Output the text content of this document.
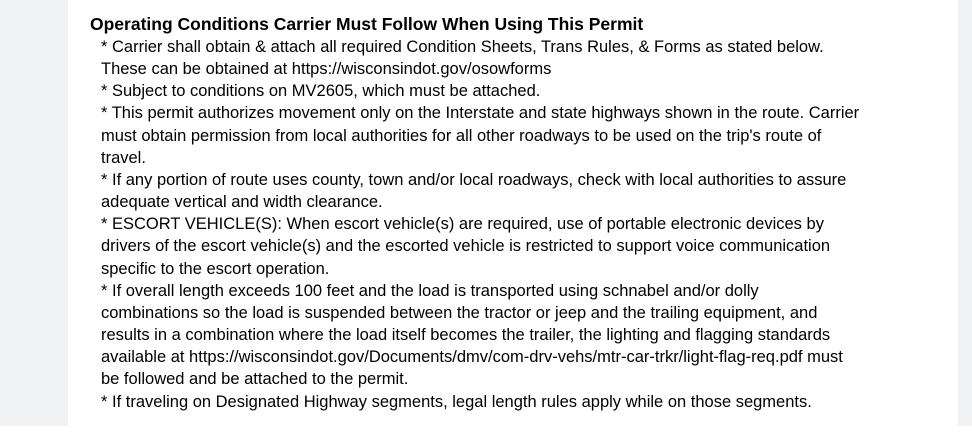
Operating Conditions Carrier Must Follow When Using This Permit
* Carrier shall obtain & attach all required Condition Sheets, Trans Rules, & Forms as stated below.
These can be obtained at https://wisconsindot.gov/osowforms
* Subject to conditions on MV2605, which must be attached.
* This permit authorizes movement only on the Interstate and state highways shown in the route. Carrier
must obtain permission from local authorities for all other roadways to be used on the trip's route of
travel.
* If any portion of route uses county, town and/or local roadways, check with local authorities to assure
adequate vertical and width clearance.
* ESCORT VEHICLE(S): When escort vehicle(s) are required, use of portable electronic devices by
drivers of the escort vehicle(s) and the escorted vehicle is restricted to support voice communication
specific to the escort operation.
* If overall length exceeds 100 feet and the load is transported using schnabel and/or dolly
combinations so the load is suspended between the tractor or jeep and the trailing equipment, and
results in a combination where the load itself becomes the trailer, the lighting and flagging standards
available at https://wisconsindot.gov/Documents/dmv/com-drv-vehs/mtr-car-trkr/light-flag-req.pdf must
be followed and be attached to the permit.
* If traveling on Designated Highway segments, legal length rules apply while on those segments.
